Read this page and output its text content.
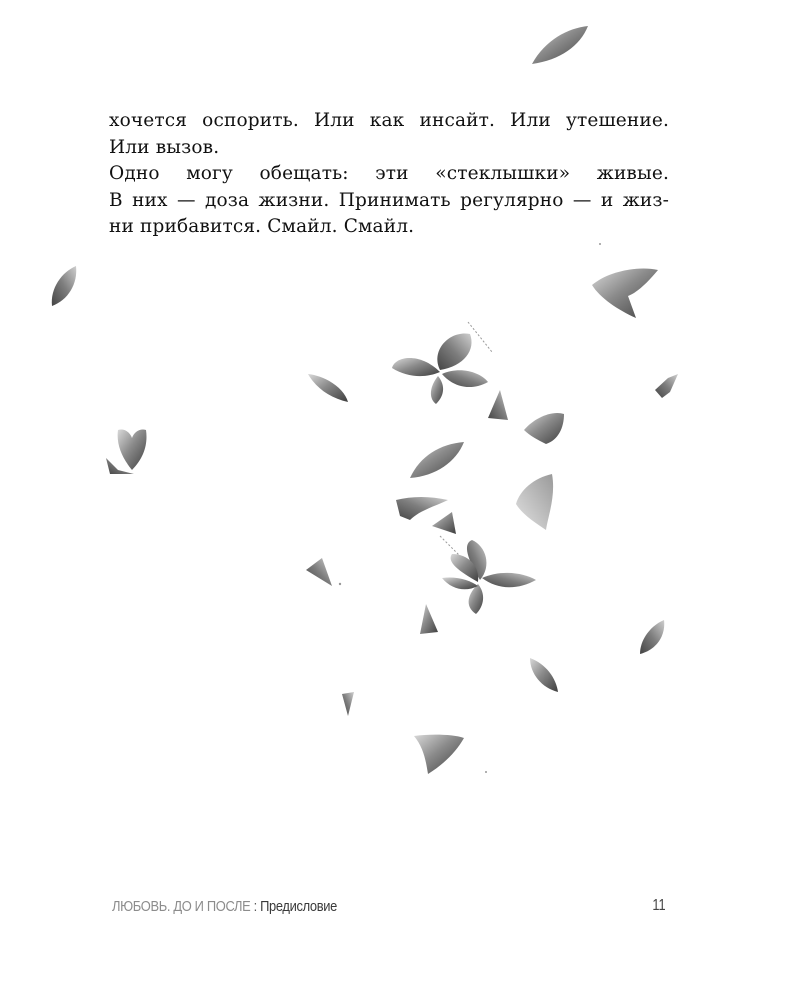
хочется оспорить. Или как инсайт. Или утешение.
Или вызов.
Одно могу обещать: эти «стеклышки» живые.
В них — доза жизни. Принимать регулярно — и жиз-
ни прибавится. Смайл. Смайл.
ЛЮБОВЬ. ДО И ПОСЛЕ : Предисловие	11
